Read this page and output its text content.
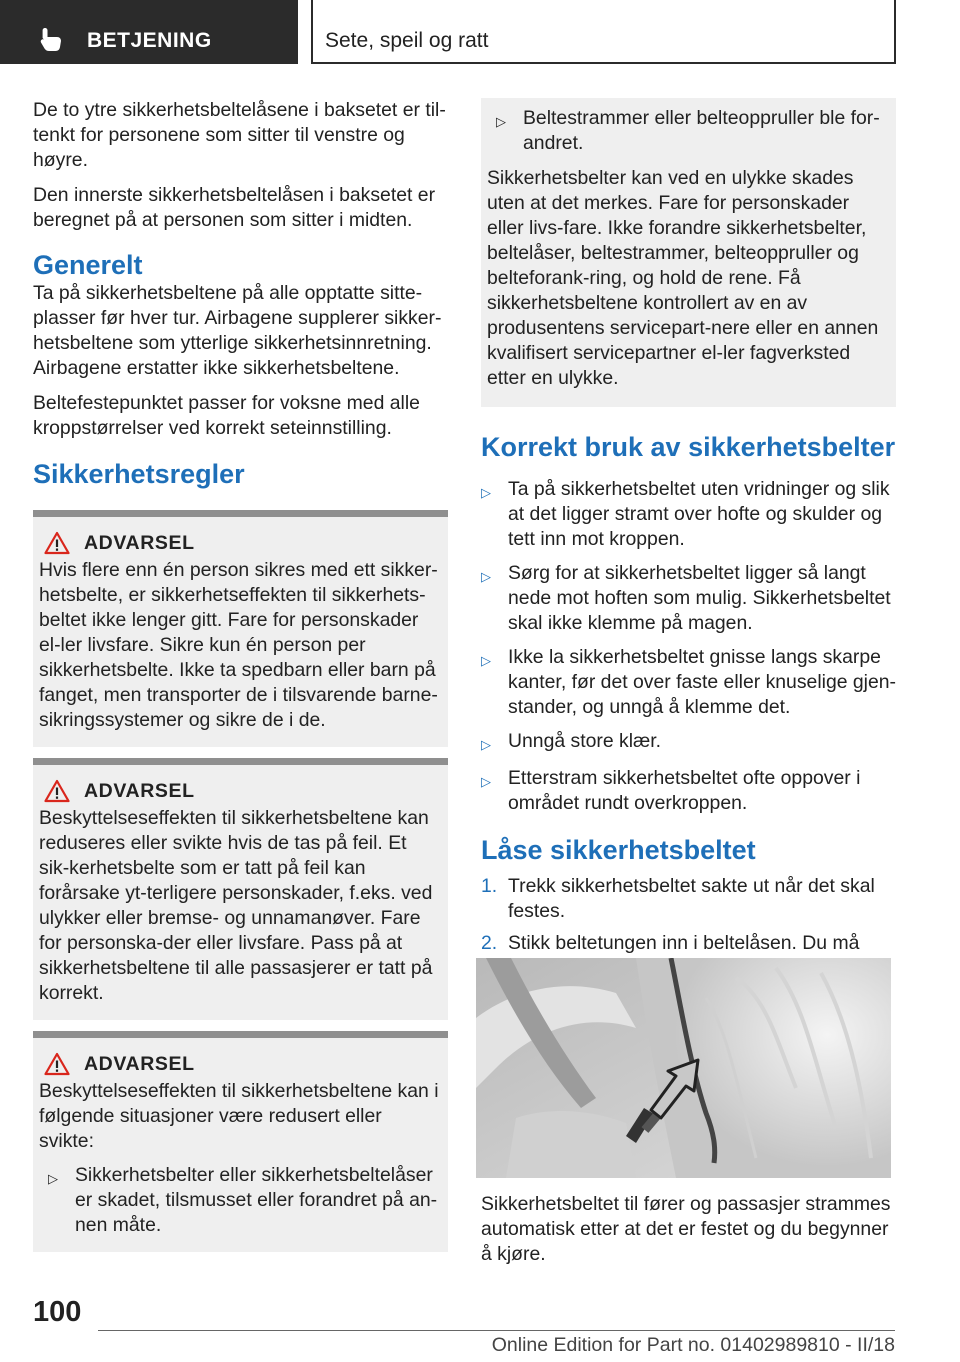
BETJENING	Sete, speil og ratt

De to ytre sikkerhetsbeltelåsene i baksetet er til-tenkt for personene som sitter til venstre og høyre.

Den innerste sikkerhetsbeltelåsen i baksetet er beregnet på at personen som sitter i midten.

Generelt

Ta på sikkerhetsbeltene på alle opptatte sitte-plasser før hver tur. Airbagene supplerer sikker-hetsbeltene som ytterlige sikkerhetsinnretning. Airbagene erstatter ikke sikkerhetsbeltene.

Beltefestepunktet passer for voksne med alle kroppstørrelser ved korrekt seteinnstilling.

Sikkerhetsregler
ADVARSEL
Hvis flere enn én person sikres med ett sikker-hetsbelte, er sikkerhetseffekten til sikkerhets-beltet ikke lenger gitt. Fare for personskader el-ler livsfare. Sikre kun én person per sikkerhetsbelte. Ikke ta spedbarn eller barn på fanget, men transporter de i tilsvarende barne-sikringssystemer og sikre de i de.
ADVARSEL
Beskyttelseseffekten til sikkerhetsbeltene kan reduseres eller svikte hvis de tas på feil. Et sik-kerhetsbelte som er tatt på feil kan forårsake yt-terligere personskader, f.eks. ved ulykker eller bremse- og unnamanøver. Fare for personska-der eller livsfare. Pass på at sikkerhetsbeltene til alle passasjerer er tatt på korrekt.
ADVARSEL
Beskyttelseseffekten til sikkerhetsbeltene kan i følgende situasjoner være redusert eller svikte:
▷ Sikkerhetsbelter eller sikkerhetsbeltelåser er skadet, tilsmusset eller forandret på an-nen måte.
▷ Beltestrammer eller belteoppruller ble for-andret.
Sikkerhetsbelter kan ved en ulykke skades uten at det merkes. Fare for personskader eller livs-fare. Ikke forandre sikkerhetsbelter, beltelåser, beltestrammer, belteoppruller og belteforank-ring, og hold de rene. Få sikkerhetsbeltene kontrollert av en av produsentens servicepart-nere eller en annen kvalifisert servicepartner el-ler fagverksted etter en ulykke.
Korrekt bruk av sikkerhetsbelter
▷ Ta på sikkerhetsbeltet uten vridninger og slik at det ligger stramt over hofte og skulder og tett inn mot kroppen.
▷ Sørg for at sikkerhetsbeltet ligger så langt nede mot hoften som mulig. Sikkerhetsbeltet skal ikke klemme på magen.
▷ Ikke la sikkerhetsbeltet gnisse langs skarpe kanter, før det over faste eller knuselige gjen-stander, og unngå å klemme det.
▷ Unngå store klær.
▷ Etterstram sikkerhetsbeltet ofte oppover i området rundt overkroppen.
Låse sikkerhetsbeltet
1. Trekk sikkerhetsbeltet sakte ut når det skal festes.
2. Stikk beltetungen inn i beltelåsen. Du må

Sikkerhetsbeltet til fører og passasjer strammes automatisk etter at det er festet og du begynner å kjøre.

100
Online Edition for Part no. 01402989810 - II/18
